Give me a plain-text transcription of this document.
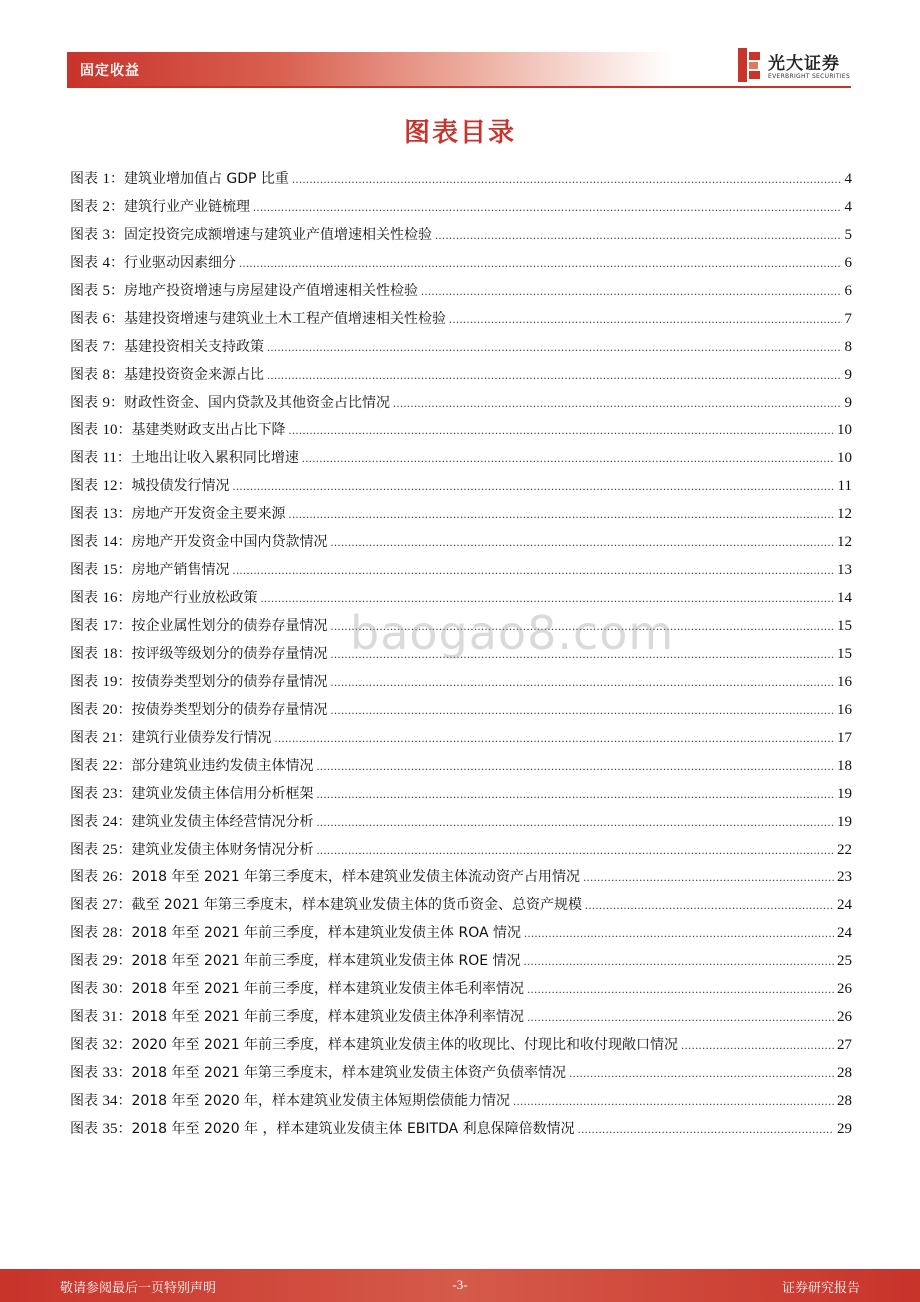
固定收益	光大证券
EVERBRIGHT SECURITIES
图表目录
图表 1：建筑业增加值占 GDP 比重 .....	4
图表 2：建筑行业产业链梳理 .....	4
图表 3：固定投资完成额增速与建筑业产值增速相关性检验 .....	5
图表 4：行业驱动因素细分 .....	6
图表 5：房地产投资增速与房屋建设产值增速相关性检验 .....	6
图表 6：基建投资增速与建筑业土木工程产值增速相关性检验 .....	7
图表 7：基建投资相关支持政策 .....	8
图表 8：基建投资资金来源占比 .....	9
图表 9：财政性资金、国内贷款及其他资金占比情况 .....	9
图表 10：基建类财政支出占比下降 .....	10
图表 11：土地出让收入累积同比增速 .....	10
图表 12：城投债发行情况 .....	11
图表 13：房地产开发资金主要来源 .....	12
图表 14：房地产开发资金中国内贷款情况 .....	12
图表 15：房地产销售情况 .....	13
图表 16：房地产行业放松政策 .....	14
图表 17：按企业属性划分的债券存量情况 .....	15
图表 18：按评级等级划分的债券存量情况 .....	15
图表 19：按债券类型划分的债券存量情况 .....	16
图表 20：按债券类型划分的债券存量情况 .....	16
图表 21：建筑行业债券发行情况 .....	17
图表 22：部分建筑业违约发债主体情况 .....	18
图表 23：建筑业发债主体信用分析框架 .....	19
图表 24：建筑业发债主体经营情况分析 .....	19
图表 25：建筑业发债主体财务情况分析 .....	22
图表 26：2018 年至 2021 年第三季度末，样本建筑业发债主体流动资产占用情况 .....	23
图表 27：截至 2021 年第三季度末，样本建筑业发债主体的货币资金、总资产规模 .....	24
图表 28：2018 年至 2021 年前三季度，样本建筑业发债主体 ROA 情况 .....	24
图表 29：2018 年至 2021 年前三季度，样本建筑业发债主体 ROE 情况 .....	25
图表 30：2018 年至 2021 年前三季度，样本建筑业发债主体毛利率情况 .....	26
图表 31：2018 年至 2021 年前三季度，样本建筑业发债主体净利率情况 .....	26
图表 32：2020 年至 2021 年前三季度，样本建筑业发债主体的收现比、付现比和收付现敞口情况 .....	27
图表 33：2018 年至 2021 年第三季度末，样本建筑业发债主体资产负债率情况 .....	28
图表 34：2018 年至 2020 年，样本建筑业发债主体短期偿债能力情况 .....	28
图表 35：2018 年至 2020 年 ，样本建筑业发债主体 EBITDA 利息保障倍数情况 .....	29
baogao8.com
敬请参阅最后一页特别声明	-3-	证券研究报告
